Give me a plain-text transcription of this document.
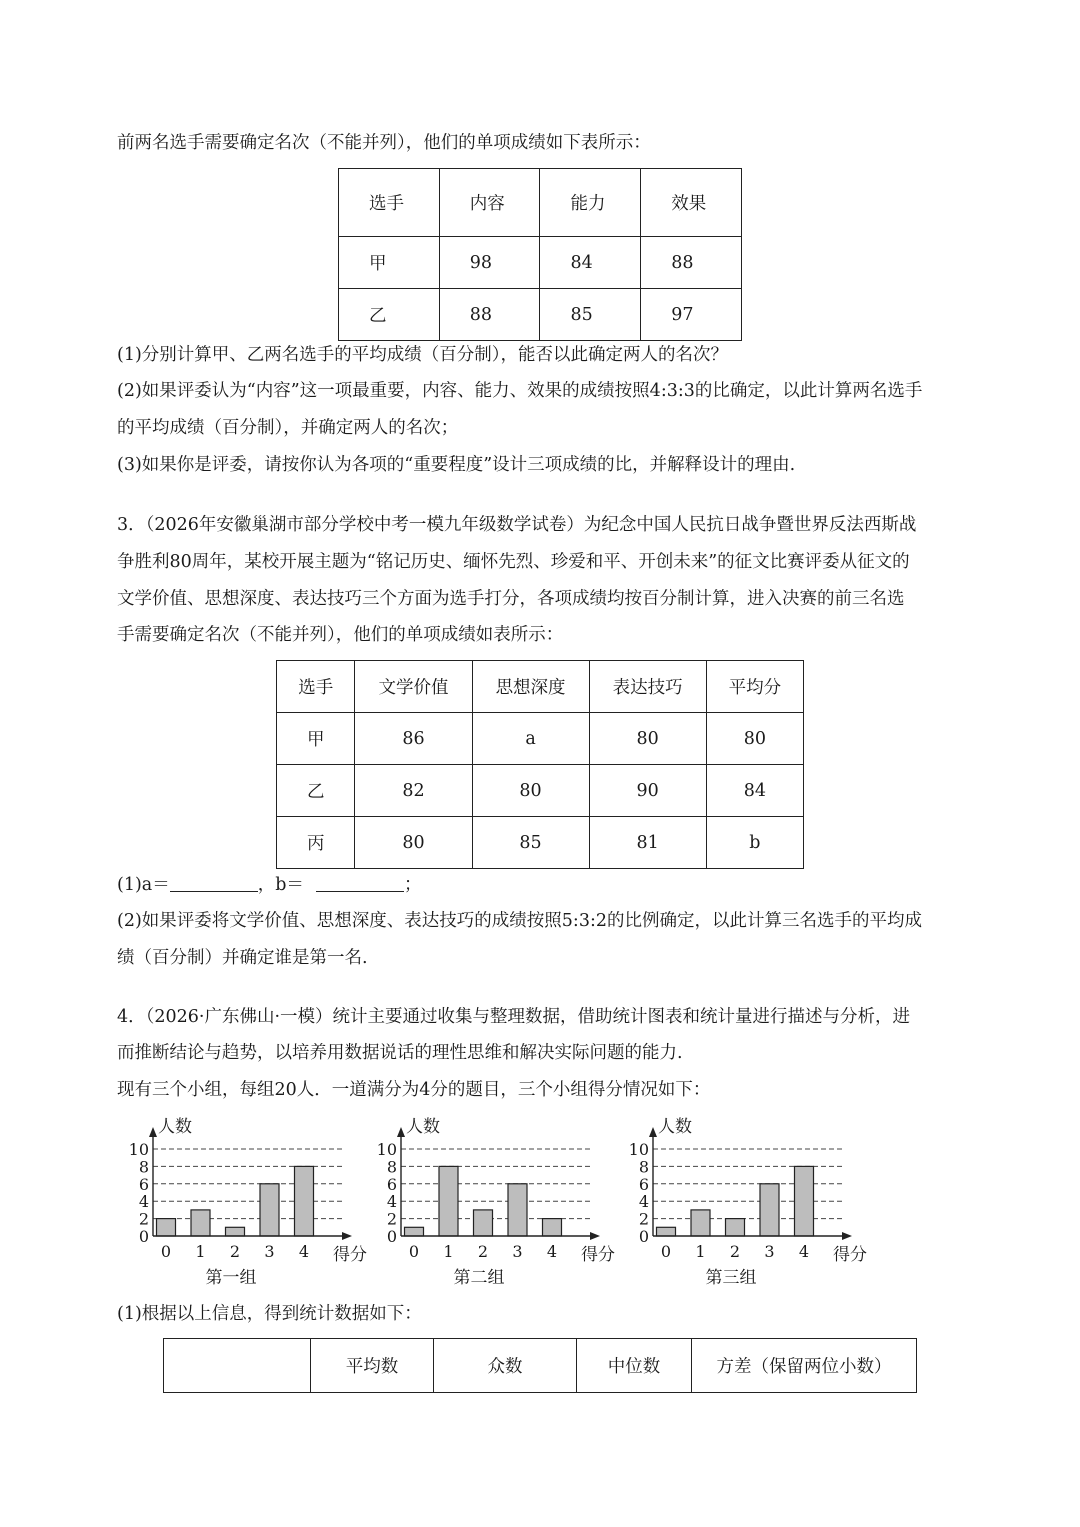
前两名选手需要确定名次（不能并列），他们的单项成绩如下表所示：
选手	内容	能力	效果
甲	98	84	88
乙	88	85	97
(1)分别计算甲、乙两名选手的平均成绩（百分制），能否以此确定两人的名次？
(2)如果评委认为“内容”这一项最重要，内容、能力、效果的成绩按照4:3:3的比确定，以此计算两名选手
的平均成绩（百分制），并确定两人的名次；
(3)如果你是评委，请按你认为各项的“重要程度”设计三项成绩的比，并解释设计的理由.
3．（2026年安徽巢湖市部分学校中考一模九年级数学试卷）为纪念中国人民抗日战争暨世界反法西斯战
争胜利80周年，某校开展主题为“铭记历史、缅怀先烈、珍爱和平、开创未来”的征文比赛评委从征文的
文学价值、思想深度、表达技巧三个方面为选手打分，各项成绩均按百分制计算，进入决赛的前三名选
手需要确定名次（不能并列），他们的单项成绩如表所示：
选手	文学价值	思想深度	表达技巧	平均分
甲	86	a	80	80
乙	82	80	90	84
丙	80	85	81	b
(1)a＝	，b＝	；
(2)如果评委将文学价值、思想深度、表达技巧的成绩按照5:3:2的比例确定，以此计算三名选手的平均成
绩（百分制）并确定谁是第一名.
4．（2026·广东佛山·一模）统计主要通过收集与整理数据，借助统计图表和统计量进行描述与分析，进
而推断结论与趋势，以培养用数据说话的理性思维和解决实际问题的能力.
现有三个小组，每组20人．一道满分为4分的题目，三个小组得分情况如下：
0
2
4
6
8
10
0 1 2 3 4
人数
得分
第一组
0
2
4
6
8
10
0 1 2 3 4
人数
得分
第二组
0
2
4
6
8
10
0 1 2 3 4
人数
得分
第三组
(1)根据以上信息，得到统计数据如下：
	平均数	众数	中位数	方差（保留两位小数）
